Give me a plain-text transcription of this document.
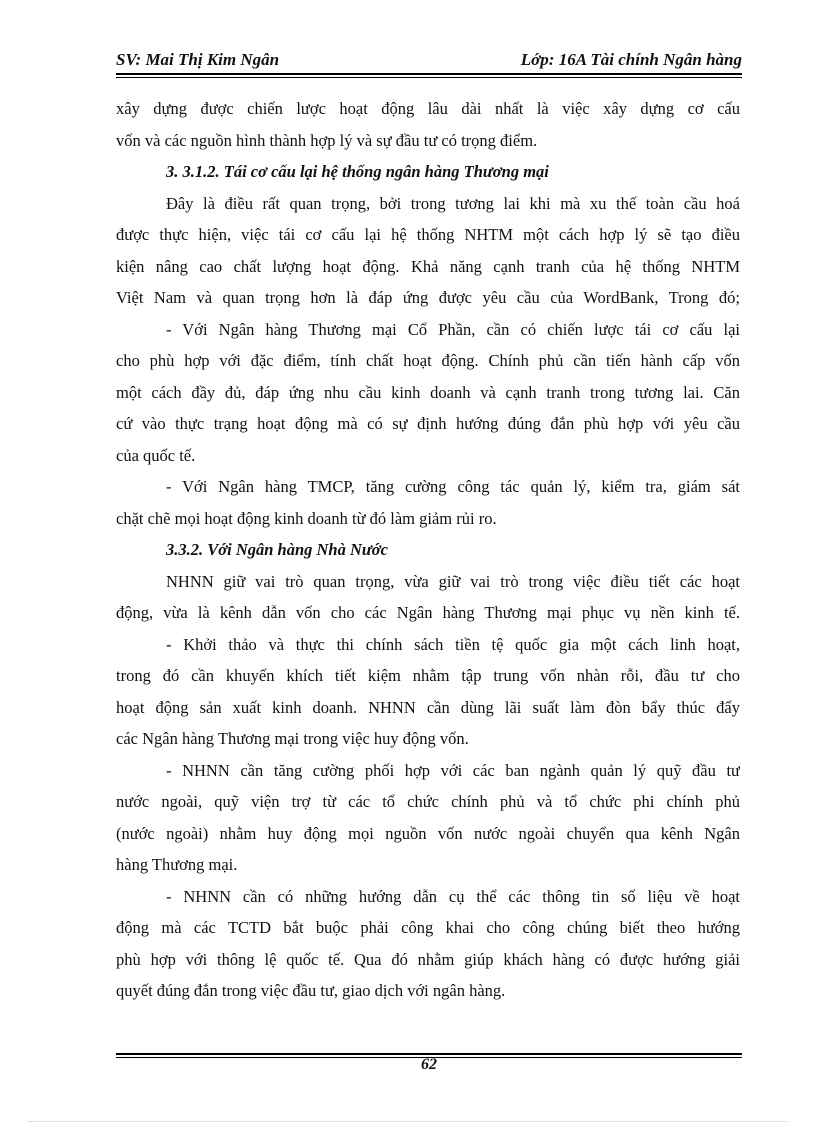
SV: Mai Thị Kim Ngân	Lớp: 16A Tài chính Ngân hàng
xây dựng được chiến lược hoạt động lâu dài nhất là việc xây dựng cơ cấu
vốn và các nguồn hình thành hợp lý và sự đầu tư có trọng điểm.
3. 3.1.2. Tái cơ cấu lại hệ thống ngân hàng Thương mại
Đây là điều rất quan trọng, bởi trong tương lai khi mà xu thế toàn cầu hoá
được thực hiện, việc tái cơ cấu lại hệ thống NHTM một cách hợp lý sẽ tạo điều
kiện nâng cao chất lượng hoạt động. Khả năng cạnh tranh của hệ thống NHTM
Việt Nam và quan trọng hơn là đáp ứng được yêu cầu của WordBank, Trong đó;
- Với Ngân hàng Thương mại Cổ Phần, cần có chiến lược tái cơ cấu lại
cho phù hợp với đặc điểm, tính chất hoạt động. Chính phủ cần tiến hành cấp vốn
một cách đầy đủ, đáp ứng nhu cầu kinh doanh và cạnh tranh trong tương lai. Căn
cứ vào thực trạng hoạt động mà có sự định hướng đúng đắn phù hợp với yêu cầu
của quốc tế.
- Với Ngân hàng TMCP, tăng cường công tác quản lý, kiểm tra, giám sát
chặt chẽ mọi hoạt động kinh doanh từ đó làm giảm rủi ro.
3.3.2. Với Ngân hàng Nhà Nước
NHNN giữ vai trò quan trọng, vừa giữ vai trò trong việc điều tiết các hoạt
động, vừa là kênh dẫn vốn cho các Ngân hàng Thương mại phục vụ nền kinh tế.
- Khởi thảo và thực thi chính sách tiền tệ quốc gia một cách linh hoạt,
trong đó cần khuyến khích tiết kiệm nhằm tập trung vốn nhàn rỗi, đầu tư cho
hoạt động sản xuất kinh doanh. NHNN cần dùng lãi suất làm đòn bẩy thúc đẩy
các Ngân hàng Thương mại trong việc huy động vốn.
- NHNN cần tăng cường phối hợp với các ban ngành quản lý quỹ đầu tư
nước ngoài, quỹ viện trợ từ các tổ chức chính phủ và tổ chức phi chính phủ
(nước ngoài) nhằm huy động mọi nguồn vốn nước ngoài chuyển qua kênh Ngân
hàng Thương mại.
- NHNN cần có những hướng dẫn cụ thể các thông tin số liệu về hoạt
động mà các TCTD bắt buộc phải công khai cho công chúng biết theo hướng
phù hợp với thông lệ quốc tế. Qua đó nhằm giúp khách hàng có được hướng giải
quyết đúng đắn trong việc đầu tư, giao dịch với ngân hàng.
62
